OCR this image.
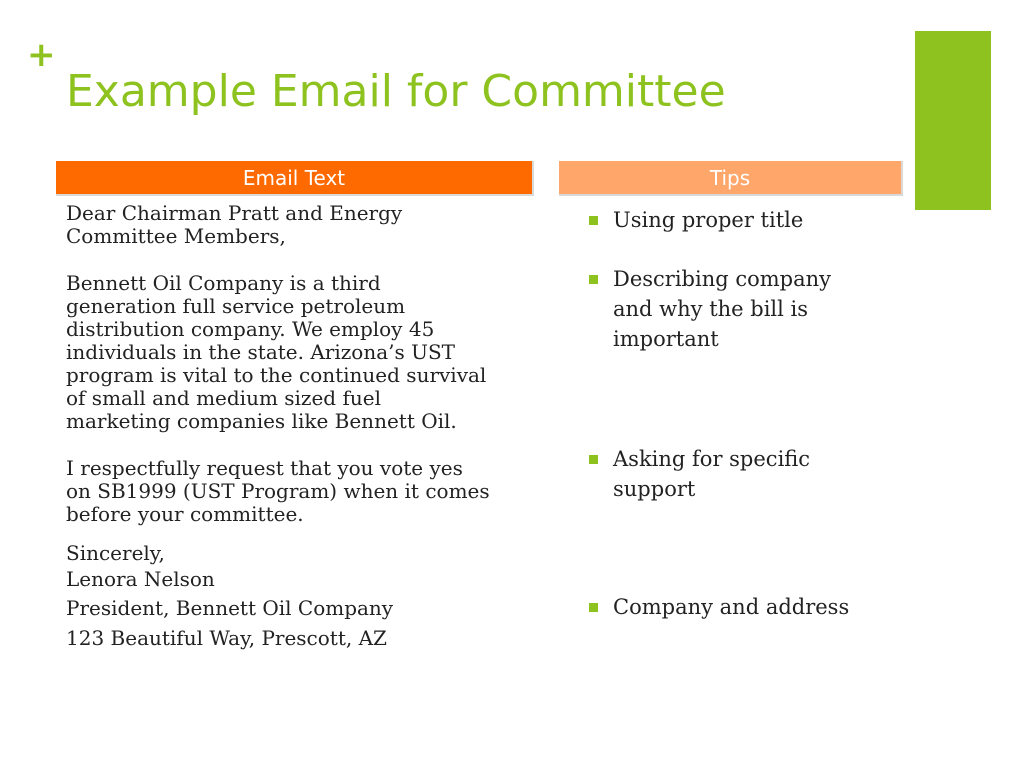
+
Example Email for Committee
Email Text	Tips

Dear Chairman Pratt and Energy
Committee Members,

Bennett Oil Company is a third
generation full service petroleum
distribution company. We employ 45
individuals in the state. Arizona’s UST
program is vital to the continued survival
of small and medium sized fuel
marketing companies like Bennett Oil.

I respectfully request that you vote yes
on SB1999 (UST Program) when it comes
before your committee.

Sincerely,
Lenora Nelson

President, Bennett Oil Company

123 Beautiful Way, Prescott, AZ

Using proper title
Describing company
and why the bill is
important
Asking for specific
support
Company and address
